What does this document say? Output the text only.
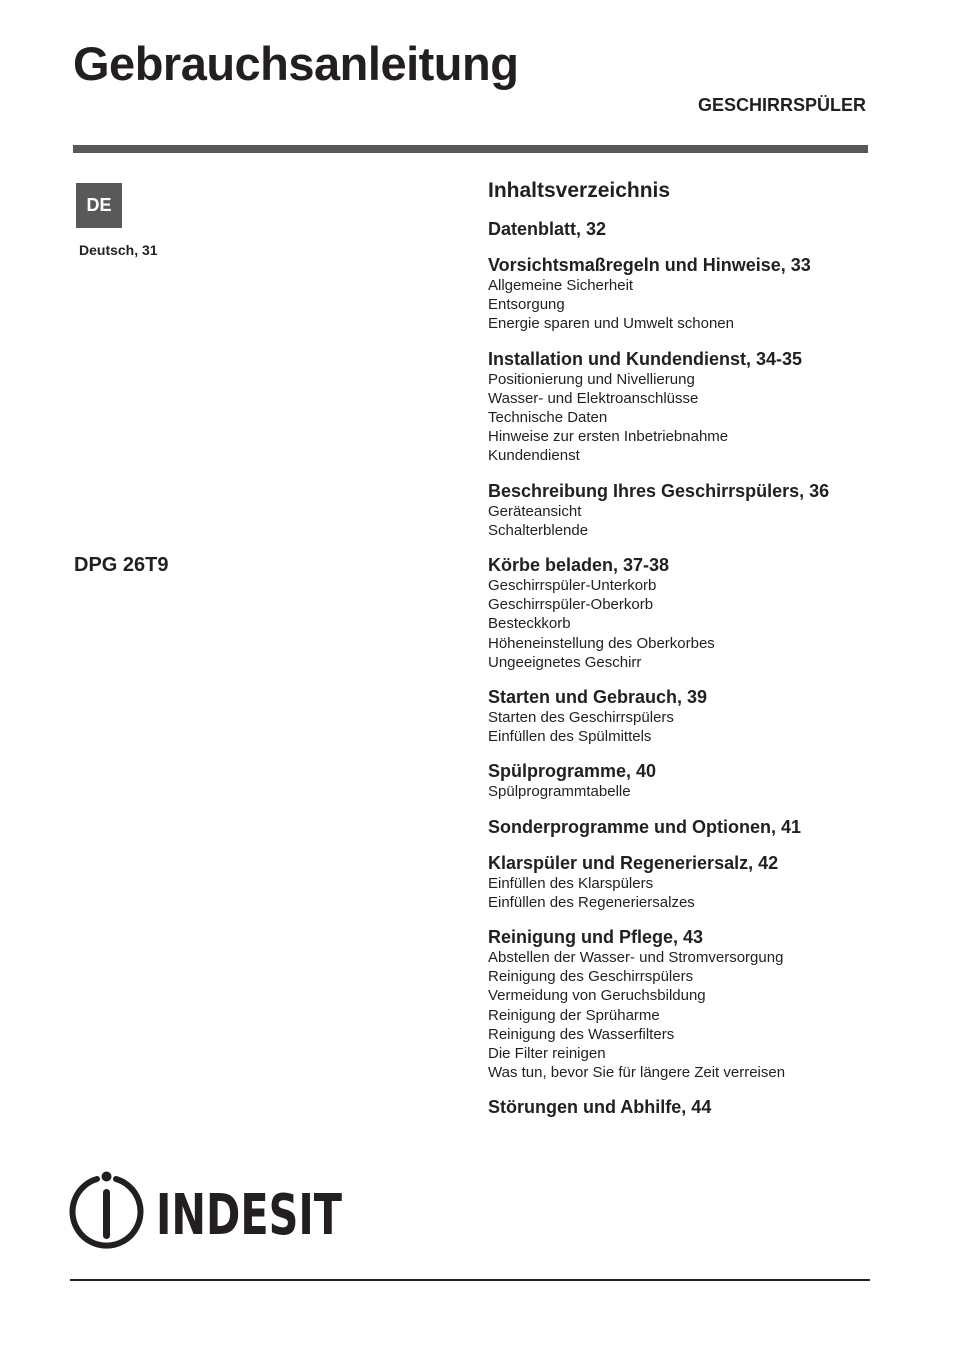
Gebrauchsanleitung
GESCHIRRSPÜLER
DE
Deutsch, 31
DPG 26T9
Inhaltsverzeichnis
Datenblatt, 32
Vorsichtsmaßregeln und Hinweise, 33
Allgemeine Sicherheit
Entsorgung
Energie sparen und Umwelt schonen
Installation und Kundendienst, 34-35
Positionierung und Nivellierung
Wasser- und Elektroanschlüsse
Technische Daten
Hinweise zur ersten Inbetriebnahme
Kundendienst
Beschreibung Ihres Geschirrspülers, 36
Geräteansicht
Schalterblende
Körbe beladen, 37-38
Geschirrspüler-Unterkorb
Geschirrspüler-Oberkorb
Besteckkorb
Höheneinstellung des Oberkorbes
Ungeeignetes Geschirr
Starten und Gebrauch, 39
Starten des Geschirrspülers
Einfüllen des Spülmittels
Spülprogramme, 40
Spülprogrammtabelle
Sonderprogramme und Optionen, 41
Klarspüler und Regeneriersalz, 42
Einfüllen des Klarspülers
Einfüllen des Regeneriersalzes
Reinigung und Pflege, 43
Abstellen der Wasser- und Stromversorgung
Reinigung des Geschirrspülers
Vermeidung von Geruchsbildung
Reinigung der Sprüharme
Reinigung des Wasserfilters
Die Filter reinigen
Was tun, bevor Sie für längere Zeit verreisen
Störungen und Abhilfe, 44
INDESIT
